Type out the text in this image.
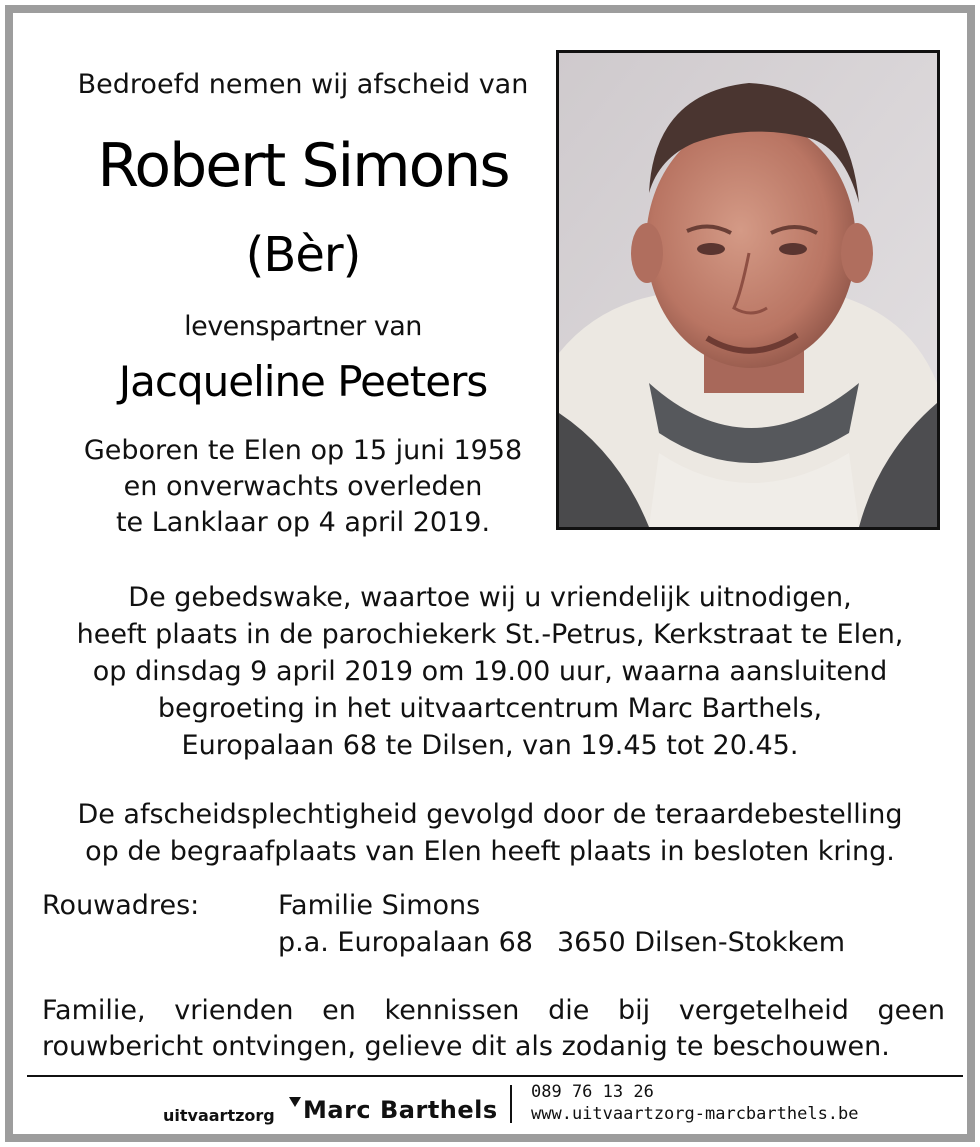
Bedroefd nemen wij afscheid van
Robert Simons
(Bèr)
levenspartner van
Jacqueline Peeters
Geboren te Elen op 15 juni 1958
en onverwachts overleden
te Lanklaar op 4 april 2019.
De gebedswake, waartoe wij u vriendelijk uitnodigen,
heeft plaats in de parochiekerk St.-Petrus, Kerkstraat te Elen,
op dinsdag 9 april 2019 om 19.00 uur, waarna aansluitend
begroeting in het uitvaartcentrum Marc Barthels,
Europalaan 68 te Dilsen, van 19.45 tot 20.45.
De afscheidsplechtigheid gevolgd door de teraardebestelling
op de begraafplaats van Elen heeft plaats in besloten kring.
Rouwadres:	Familie Simons
p.a. Europalaan 68 3650 Dilsen-Stokkem
Familie, vrienden en kennissen die bij vergetelheid geen
rouwbericht ontvingen, gelieve dit als zodanig te beschouwen.
uitvaartzorg Marc Barthels
089 76 13 26
www.uitvaartzorg-marcbarthels.be
